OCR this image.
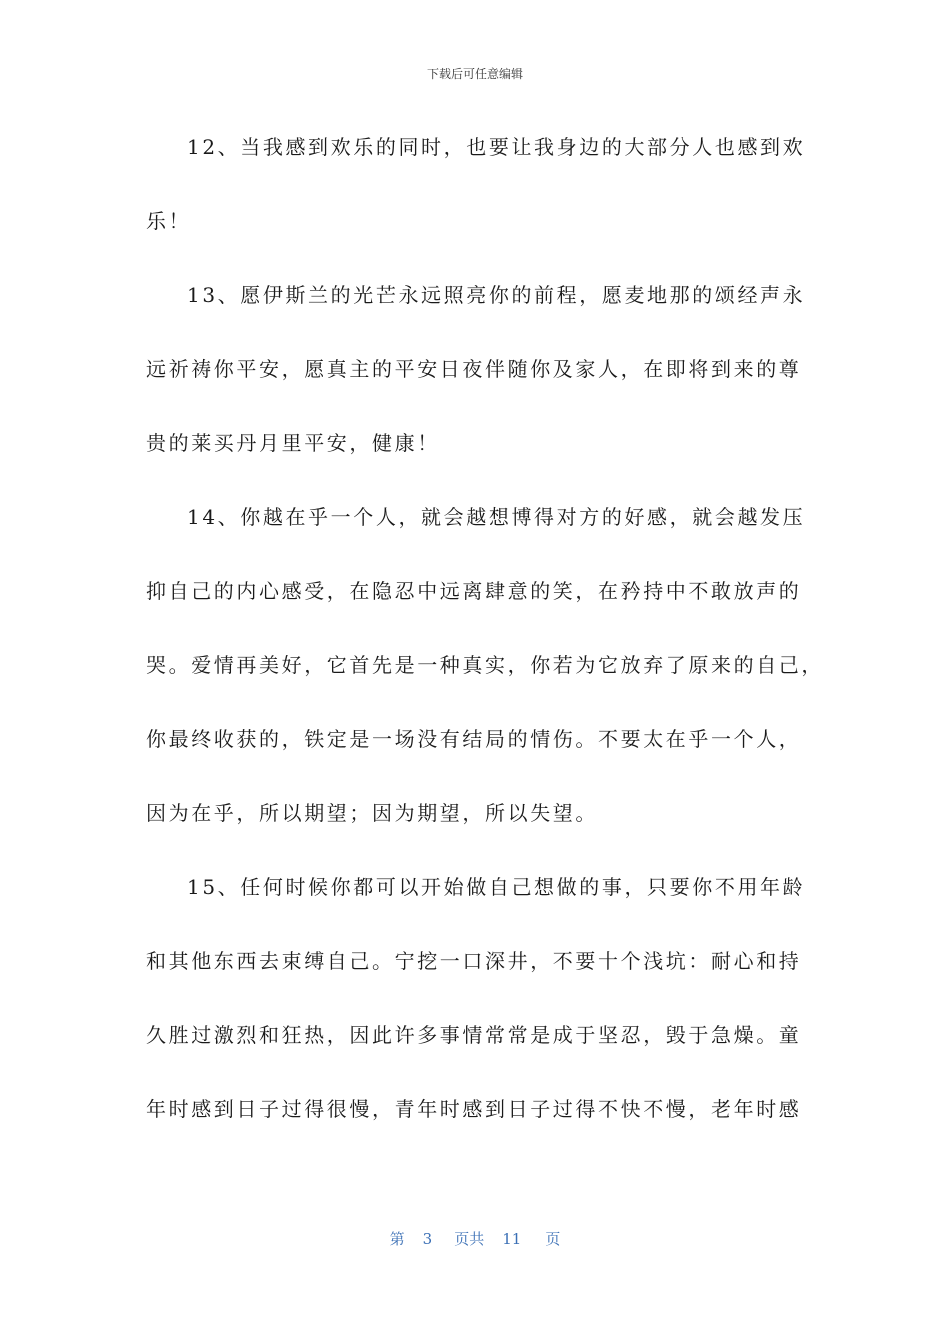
下载后可任意编辑
12、当我感到欢乐的同时，也要让我身边的大部分人也感到欢
乐！
13、愿伊斯兰的光芒永远照亮你的前程，愿麦地那的颂经声永
远祈祷你平安，愿真主的平安日夜伴随你及家人，在即将到来的尊
贵的莱买丹月里平安，健康！
14、你越在乎一个人，就会越想博得对方的好感，就会越发压
抑自己的内心感受，在隐忍中远离肆意的笑，在矜持中不敢放声的
哭。爱情再美好，它首先是一种真实，你若为它放弃了原来的自己，
你最终收获的，铁定是一场没有结局的情伤。不要太在乎一个人，
因为在乎，所以期望；因为期望，所以失望。
15、任何时候你都可以开始做自己想做的事，只要你不用年龄
和其他东西去束缚自己。宁挖一口深井，不要十个浅坑：耐心和持
久胜过激烈和狂热，因此许多事情常常是成于坚忍，毁于急燥。童
年时感到日子过得很慢，青年时感到日子过得不快不慢，老年时感
第 3 页共 11 页
